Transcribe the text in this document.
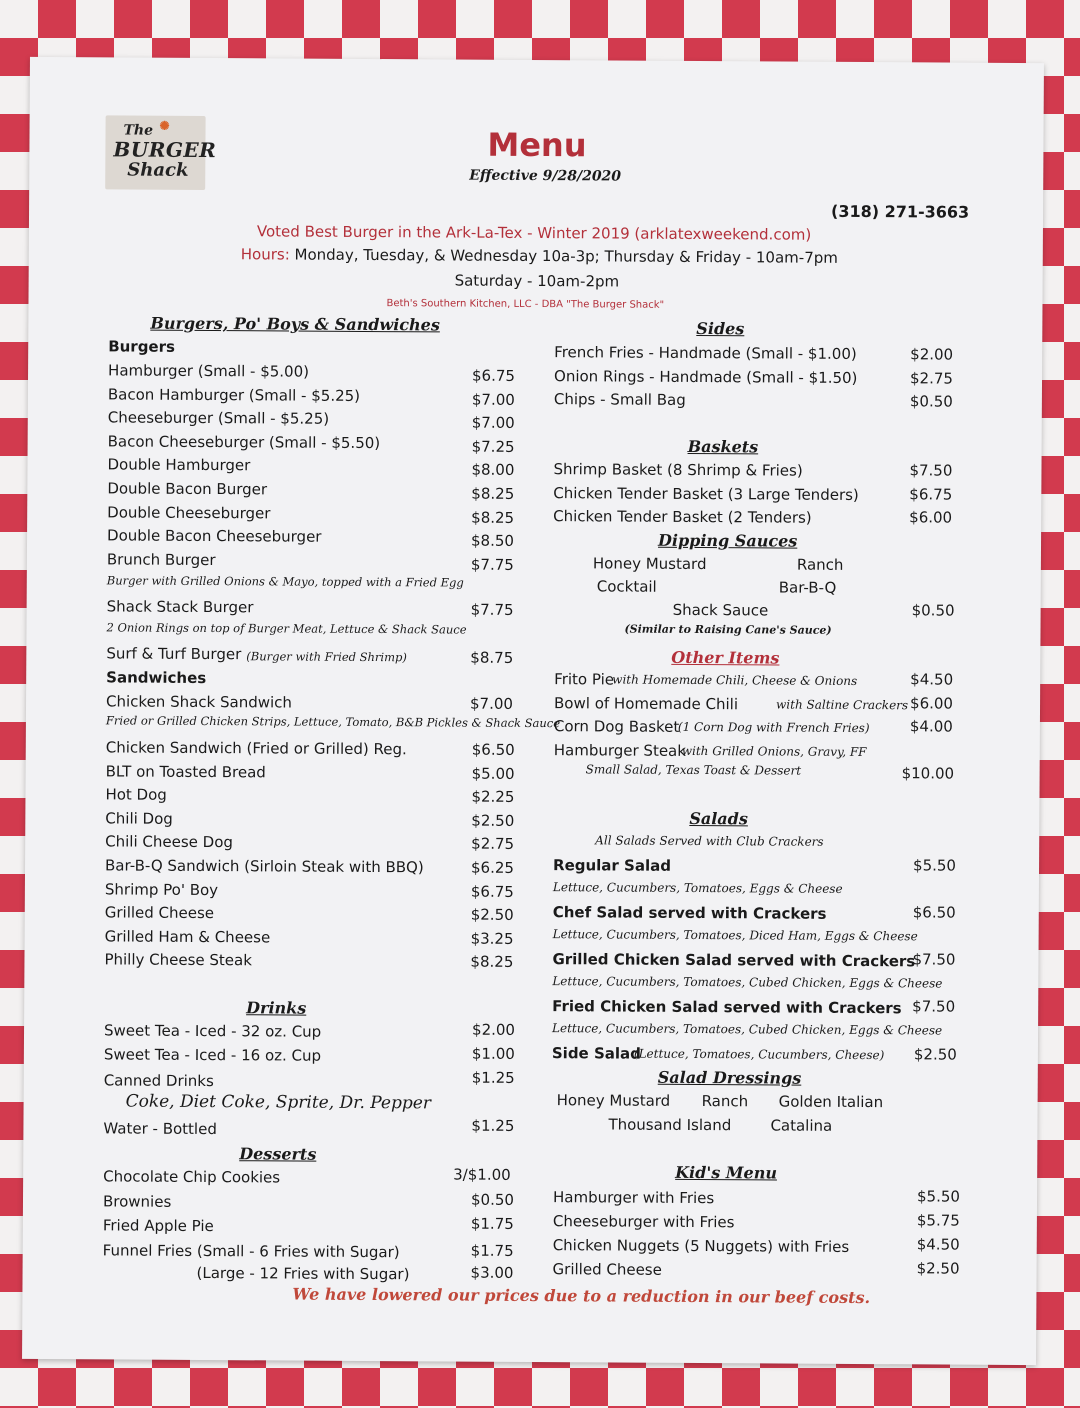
The ✺
BURGER
Shack
Menu
Effective 9/28/2020
(318) 271-3663
Voted Best Burger in the Ark-La-Tex - Winter 2019 (arklatexweekend.com)
Hours: Monday, Tuesday, & Wednesday 10a-3p; Thursday & Friday - 10am-7pm
Saturday - 10am-2pm
Beth's Southern Kitchen, LLC - DBA "The Burger Shack"
We have lowered our prices due to a reduction in our beef costs.
Burgers, Po' Boys & Sandwiches
Burgers
Hamburger (Small - $5.00)	$6.75
Bacon Hamburger (Small - $5.25)	$7.00
Cheeseburger (Small - $5.25)	$7.00
Bacon Cheeseburger (Small - $5.50)	$7.25
Double Hamburger	$8.00
Double Bacon Burger	$8.25
Double Cheeseburger	$8.25
Double Bacon Cheeseburger	$8.50
Brunch Burger	$7.75
Burger with Grilled Onions & Mayo, topped with a Fried Egg
Shack Stack Burger	$7.75
2 Onion Rings on top of Burger Meat, Lettuce & Shack Sauce
Surf & Turf Burger (Burger with Fried Shrimp)	$8.75
Sandwiches
Chicken Shack Sandwich	$7.00
Fried or Grilled Chicken Strips, Lettuce, Tomato, B&B Pickles & Shack Sauce
Chicken Sandwich (Fried or Grilled) Reg.	$6.50
BLT on Toasted Bread	$5.00
Hot Dog	$2.25
Chili Dog	$2.50
Chili Cheese Dog	$2.75
Bar-B-Q Sandwich (Sirloin Steak with BBQ)	$6.25
Shrimp Po' Boy	$6.75
Grilled Cheese	$2.50
Grilled Ham & Cheese	$3.25
Philly Cheese Steak	$8.25
Drinks
Sweet Tea - Iced - 32 oz. Cup	$2.00
Sweet Tea - Iced - 16 oz. Cup	$1.00
Canned Drinks	$1.25
Coke, Diet Coke, Sprite, Dr. Pepper
Water - Bottled	$1.25
Desserts
Chocolate Chip Cookies	3/$1.00
Brownies	$0.50
Fried Apple Pie	$1.75
Funnel Fries (Small - 6 Fries with Sugar)	$1.75
(Large - 12 Fries with Sugar)	$3.00
Sides
French Fries - Handmade (Small - $1.00)	$2.00
Onion Rings - Handmade (Small - $1.50)	$2.75
Chips - Small Bag	$0.50
Baskets
Shrimp Basket (8 Shrimp & Fries)	$7.50
Chicken Tender Basket (3 Large Tenders)	$6.75
Chicken Tender Basket (2 Tenders)	$6.00
Dipping Sauces
Honey Mustard	Ranch
Cocktail	Bar-B-Q
Shack Sauce	$0.50
(Similar to Raising Cane's Sauce)
Other Items
Frito Pie
with Homemade Chili, Cheese & Onions	$4.50
Bowl of Homemade Chili	with Saltine Crackers $6.00
Corn Dog Basket
(1 Corn Dog with French Fries)	$4.00
Hamburger Steak
with Grilled Onions, Gravy, FF
Small Salad, Texas Toast & Dessert	$10.00
Salads
All Salads Served with Club Crackers
Regular Salad	$5.50
Lettuce, Cucumbers, Tomatoes, Eggs & Cheese
Chef Salad served with Crackers	$6.50
Lettuce, Cucumbers, Tomatoes, Diced Ham, Eggs & Cheese
Grilled Chicken Salad served with Crackers
$7.50
Lettuce, Cucumbers, Tomatoes, Cubed Chicken, Eggs & Cheese
Fried Chicken Salad served with Crackers $7.50
Lettuce, Cucumbers, Tomatoes, Cubed Chicken, Eggs & Cheese
Side Salad
(Lettuce, Tomatoes, Cucumbers, Cheese) $2.50
Salad Dressings
Honey Mustard Ranch Golden Italian
Thousand Island	Catalina
Kid's Menu
Hamburger with Fries	$5.50
Cheeseburger with Fries	$5.75
Chicken Nuggets (5 Nuggets) with Fries	$4.50
Grilled Cheese	$2.50
